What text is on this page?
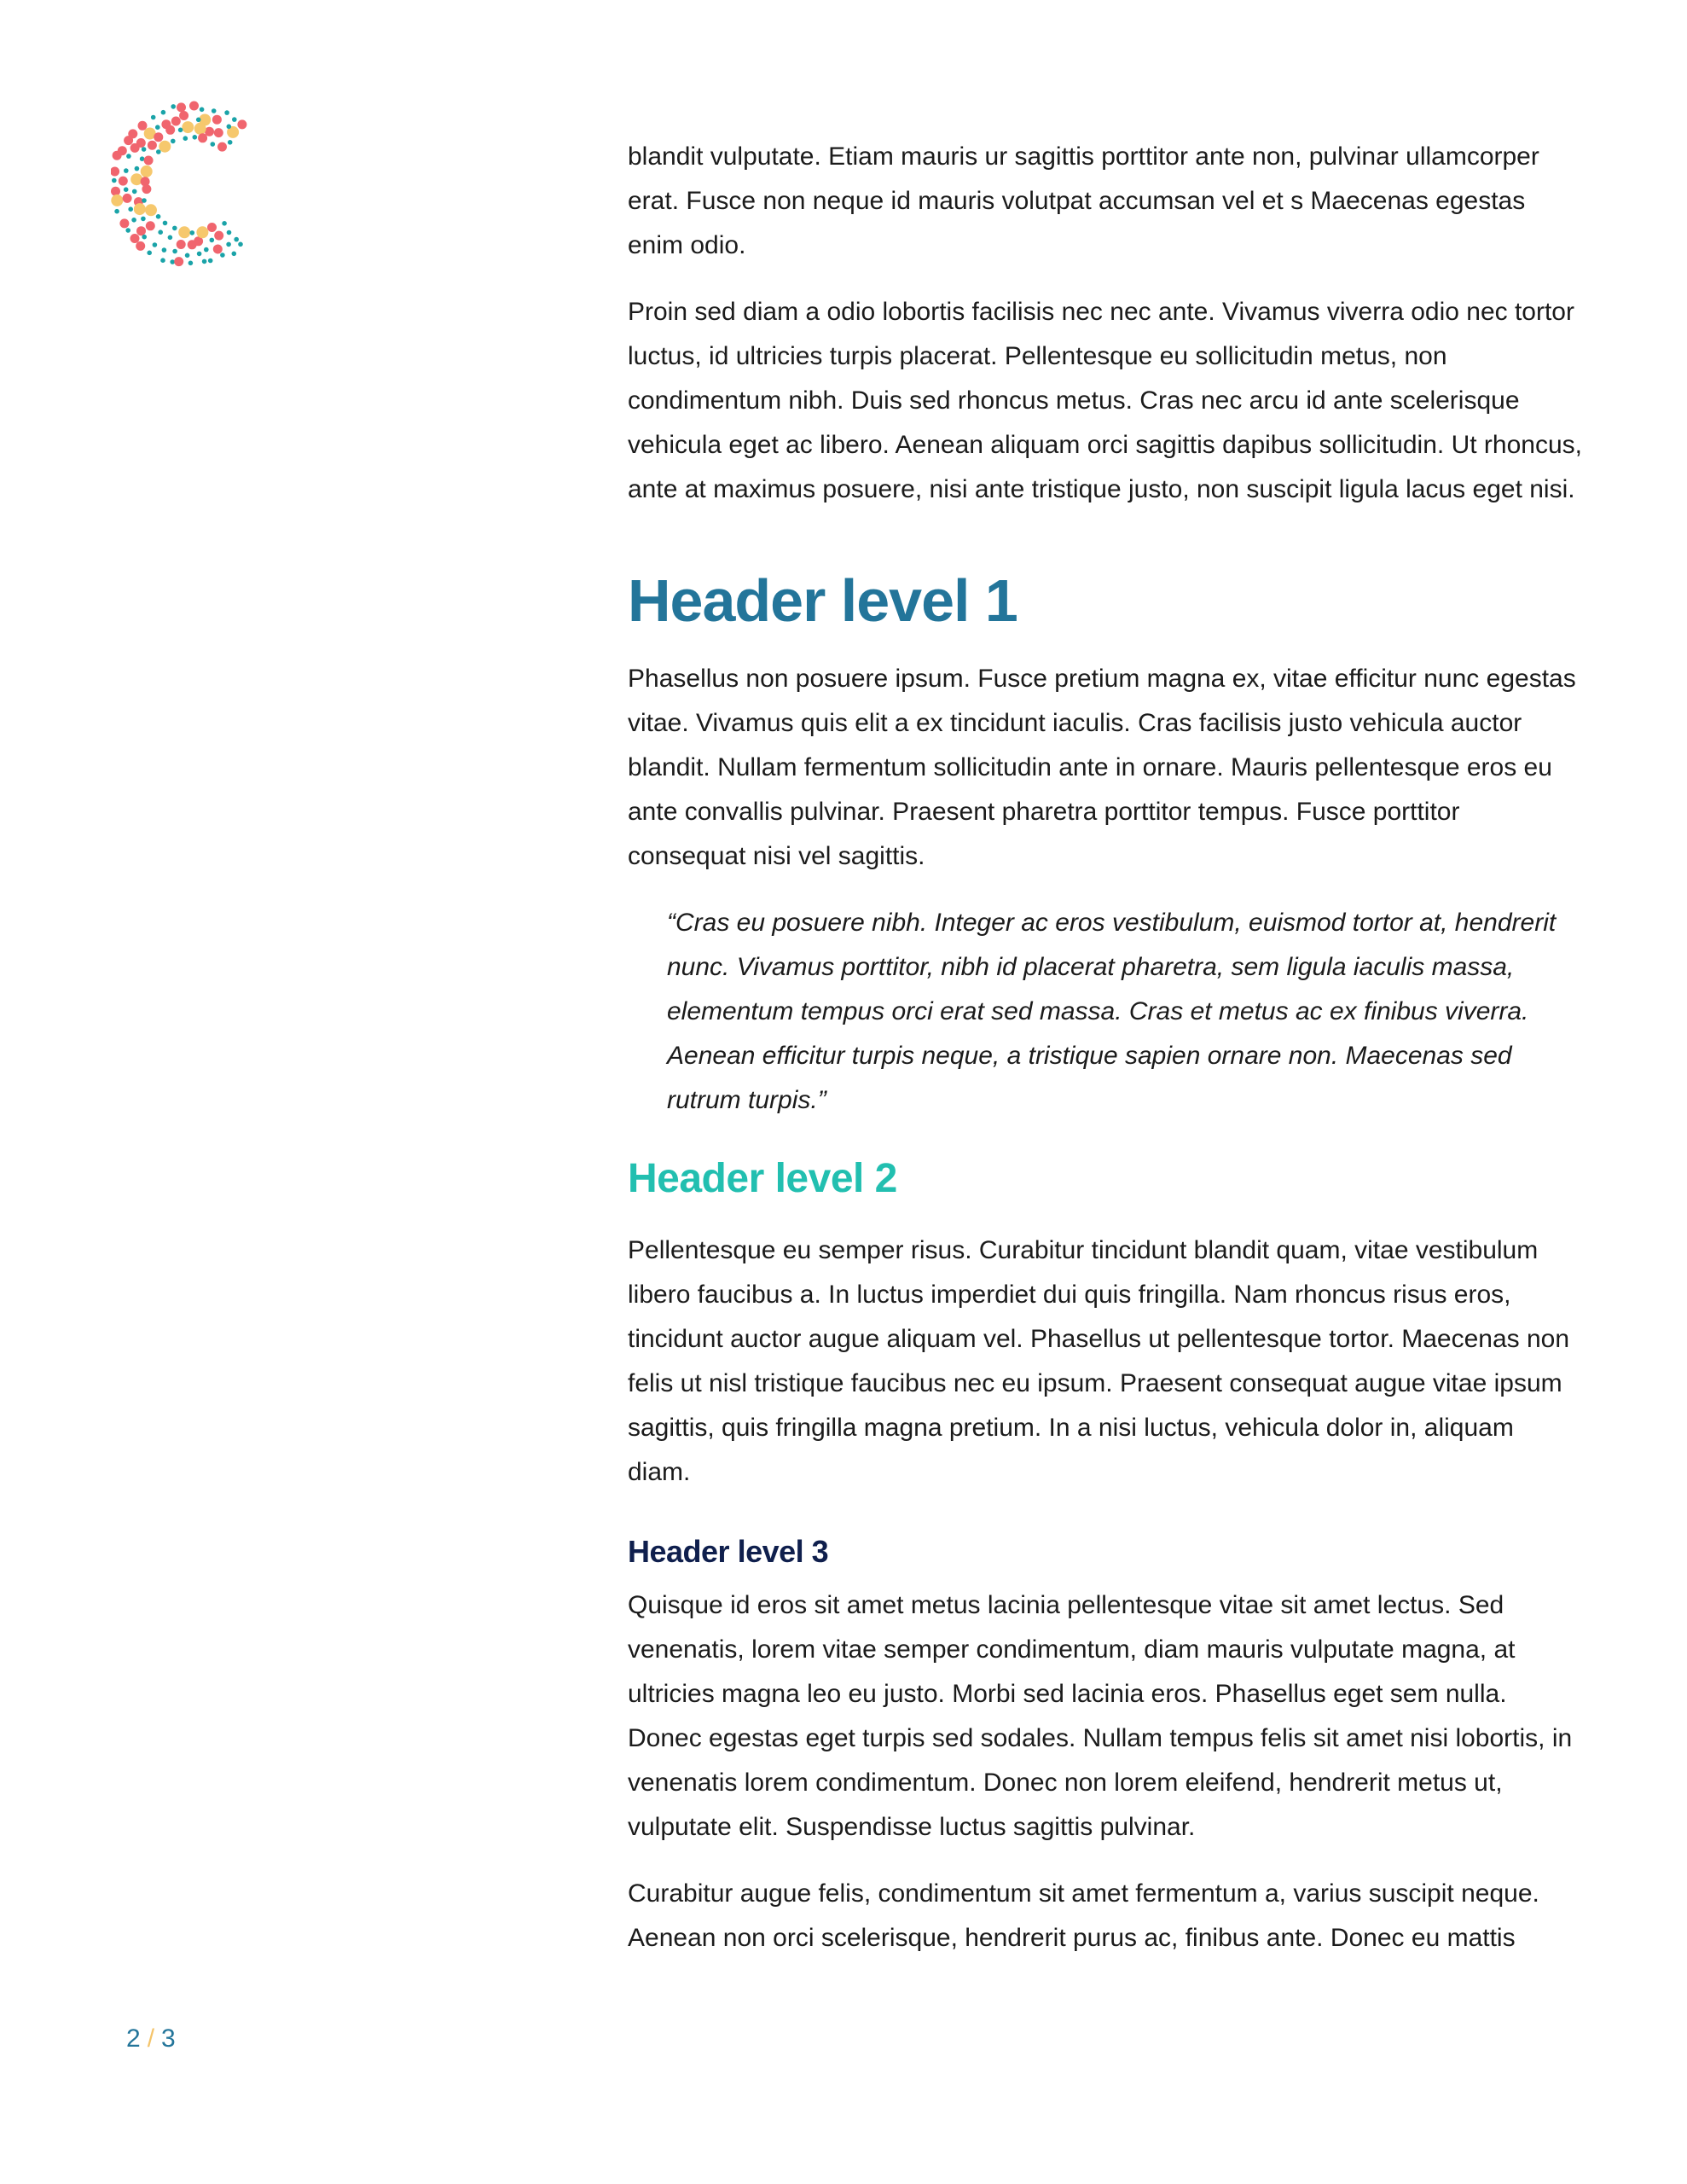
blandit vulputate. Etiam mauris ur sagittis porttitor ante non, pulvinar ullamcorper erat. Fusce non neque id mauris volutpat accumsan vel et s Maecenas egestas enim odio.

Proin sed diam a odio lobortis facilisis nec nec ante. Vivamus viverra odio nec tortor luctus, id ultricies turpis placerat. Pellentesque eu sollicitudin metus, non condimentum nibh. Duis sed rhoncus metus. Cras nec arcu id ante scelerisque vehicula eget ac libero. Aenean aliquam orci sagittis dapibus sollicitudin. Ut rhoncus, ante at maximus posuere, nisi ante tristique justo, non suscipit ligula lacus eget nisi.

Header level 1

Phasellus non posuere ipsum. Fusce pretium magna ex, vitae efficitur nunc egestas vitae. Vivamus quis elit a ex tincidunt iaculis. Cras facilisis justo vehicula auctor blandit. Nullam fermentum sollicitudin ante in ornare. Mauris pellentesque eros eu ante convallis pulvinar. Praesent pharetra porttitor tempus. Fusce porttitor consequat nisi vel sagittis.

“Cras eu posuere nibh. Integer ac eros vestibulum, euismod tortor at, hendrerit nunc. Vivamus porttitor, nibh id placerat pharetra, sem ligula iaculis massa, elementum tempus orci erat sed massa. Cras et metus ac ex finibus viverra. Aenean efficitur turpis neque, a tristique sapien ornare non. Maecenas sed rutrum turpis.”

Header level 2

Pellentesque eu semper risus. Curabitur tincidunt blandit quam, vitae vestibulum libero faucibus a. In luctus imperdiet dui quis fringilla. Nam rhoncus risus eros, tincidunt auctor augue aliquam vel. Phasellus ut pellentesque tortor. Maecenas non felis ut nisl tristique faucibus nec eu ipsum. Praesent consequat augue vitae ipsum sagittis, quis fringilla magna pretium. In a nisi luctus, vehicula dolor in, aliquam diam.

Header level 3

Quisque id eros sit amet metus lacinia pellentesque vitae sit amet lectus. Sed venenatis, lorem vitae semper condimentum, diam mauris vulputate magna, at ultricies magna leo eu justo. Morbi sed lacinia eros. Phasellus eget sem nulla. Donec egestas eget turpis sed sodales. Nullam tempus felis sit amet nisi lobortis, in venenatis lorem condimentum. Donec non lorem eleifend, hendrerit metus ut, vulputate elit. Suspendisse luctus sagittis pulvinar.

Curabitur augue felis, condimentum sit amet fermentum a, varius suscipit neque. Aenean non orci scelerisque, hendrerit purus ac, finibus ante. Donec eu mattis

2 / 3
